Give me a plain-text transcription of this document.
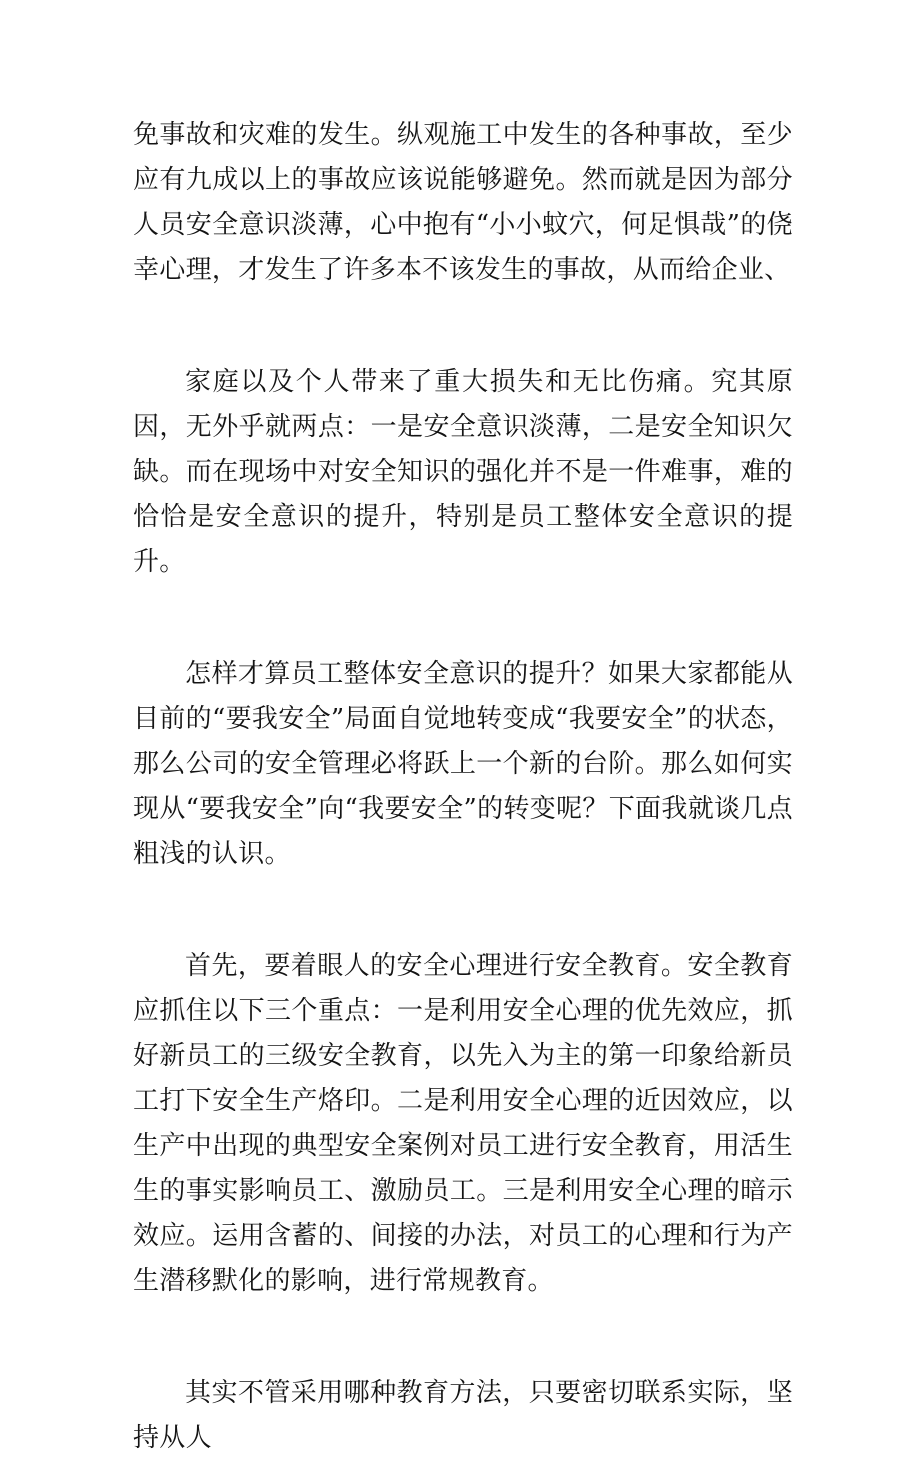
免事故和灾难的发生。纵观施工中发生的各种事故，至少应有九成以上的事故应该说能够避免。然而就是因为部分人员安全意识淡薄，心中抱有“小小蚊穴，何足惧哉”的侥幸心理，才发生了许多本不该发生的事故，从而给企业、

家庭以及个人带来了重大损失和无比伤痛。究其原因，无外乎就两点：一是安全意识淡薄，二是安全知识欠缺。而在现场中对安全知识的强化并不是一件难事，难的恰恰是安全意识的提升，特别是员工整体安全意识的提升。

怎样才算员工整体安全意识的提升？如果大家都能从目前的“要我安全”局面自觉地转变成“我要安全”的状态，那么公司的安全管理必将跃上一个新的台阶。那么如何实现从“要我安全”向“我要安全”的转变呢？下面我就谈几点粗浅的认识。

首先，要着眼人的安全心理进行安全教育。安全教育应抓住以下三个重点：一是利用安全心理的优先效应，抓好新员工的三级安全教育，以先入为主的第一印象给新员工打下安全生产烙印。二是利用安全心理的近因效应，以生产中出现的典型安全案例对员工进行安全教育，用活生生的事实影响员工、激励员工。三是利用安全心理的暗示效应。运用含蓄的、间接的办法，对员工的心理和行为产生潜移默化的影响，进行常规教育。

其实不管采用哪种教育方法，只要密切联系实际，坚持从人
